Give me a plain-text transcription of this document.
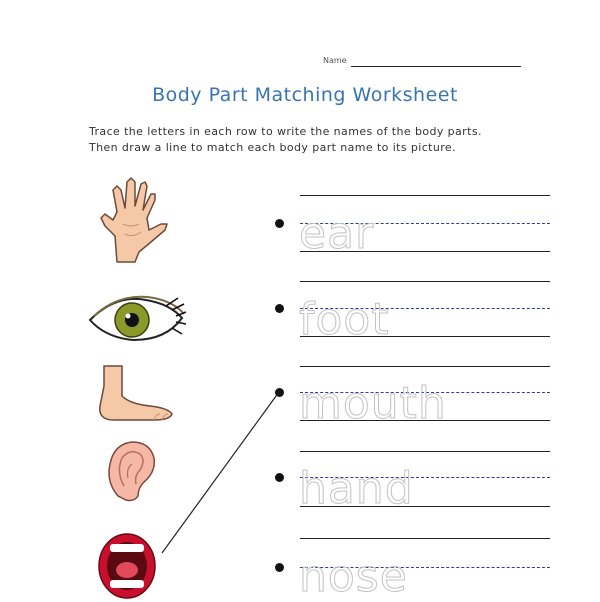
Name
Body Part Matching Worksheet
Trace the letters in each row to write the names of the body parts.
Then draw a line to match each body part name to its picture.
ear
foot
mouth
hand
nose
